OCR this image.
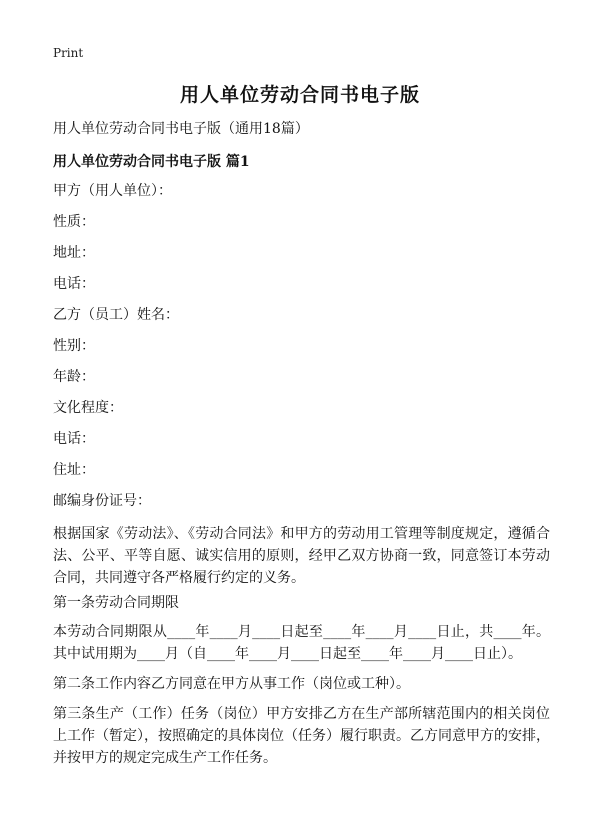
Print
用人单位劳动合同书电子版
用人单位劳动合同书电子版（通用18篇）
用人单位劳动合同书电子版 篇1
甲方（用人单位）：
性质：
地址：
电话：
乙方（员工）姓名：
性别：
年龄：
文化程度：
电话：
住址：
邮编身份证号：
根据国家《劳动法》、《劳动合同法》和甲方的劳动用工管理等制度规定，遵循合法、公平、平等自愿、诚实信用的原则，经甲乙双方协商一致，同意签订本劳动合同，共同遵守各严格履行约定的义务。
第一条劳动合同期限
本劳动合同期限从____年____月____日起至____年____月____日止，共____年。其中试用期为____月（自____年____月____日起至____年____月____日止）。
第二条工作内容乙方同意在甲方从事工作（岗位或工种）。
第三条生产（工作）任务（岗位）甲方安排乙方在生产部所辖范围内的相关岗位上工作（暂定），按照确定的具体岗位（任务）履行职责。乙方同意甲方的安排，并按甲方的规定完成生产工作任务。
